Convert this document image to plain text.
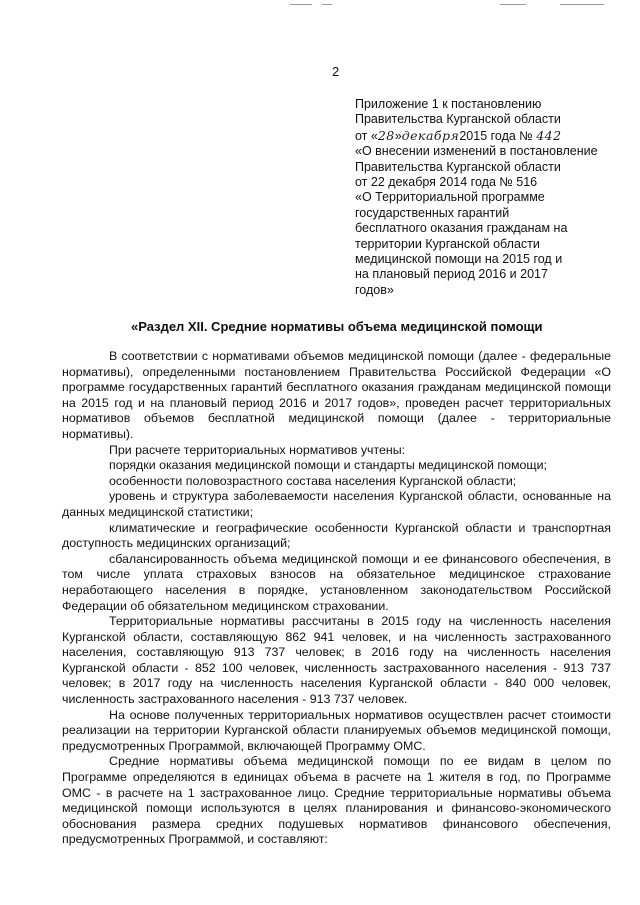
2
Приложение 1 к постановлению
Правительства Курганской области
от «28»декабря2015 года № 442
«О внесении изменений в постановление
Правительства Курганской области
от 22 декабря 2014 года № 516
«О Территориальной программе
государственных гарантий
бесплатного оказания гражданам на
территории Курганской области
медицинской помощи на 2015 год и
на плановый период 2016 и 2017
годов»
«Раздел XII. Средние нормативы объема медицинской помощи

В соответствии с нормативами объемов медицинской помощи (далее - федеральные нормативы), определенными постановлением Правительства Российской Федерации «О программе государственных гарантий бесплатного оказания гражданам медицинской помощи на 2015 год и на плановый период 2016 и 2017 годов», проведен расчет территориальных нормативов объемов бесплатной медицинской помощи (далее - территориальные нормативы).

При расчете территориальных нормативов учтены:

порядки оказания медицинской помощи и стандарты медицинской помощи;

особенности половозрастного состава населения Курганской области;

уровень и структура заболеваемости населения Курганской области, основанные на данных медицинской статистики;

климатические и географические особенности Курганской области и транспортная доступность медицинских организаций;

сбалансированность объема медицинской помощи и ее финансового обеспечения, в том числе уплата страховых взносов на обязательное медицинское страхование неработающего населения в порядке, установленном законодательством Российской Федерации об обязательном медицинском страховании.

Территориальные нормативы рассчитаны в 2015 году на численность населения Курганской области, составляющую 862 941 человек, и на численность застрахованного населения, составляющую 913 737 человек; в 2016 году на численность населения Курганской области - 852 100 человек, численность застрахованного населения - 913 737 человек; в 2017 году на численность населения Курганской области - 840 000 человек, численность застрахованного населения - 913 737 человек.

На основе полученных территориальных нормативов осуществлен расчет стоимости реализации на территории Курганской области планируемых объемов медицинской помощи, предусмотренных Программой, включающей Программу ОМС.

Средние нормативы объема медицинской помощи по ее видам в целом по Программе определяются в единицах объема в расчете на 1 жителя в год, по Программе ОМС - в расчете на 1 застрахованное лицо. Средние территориальные нормативы объема медицинской помощи используются в целях планирования и финансово-экономического обоснования размера средних подушевых нормативов финансового обеспечения, предусмотренных Программой, и составляют:
